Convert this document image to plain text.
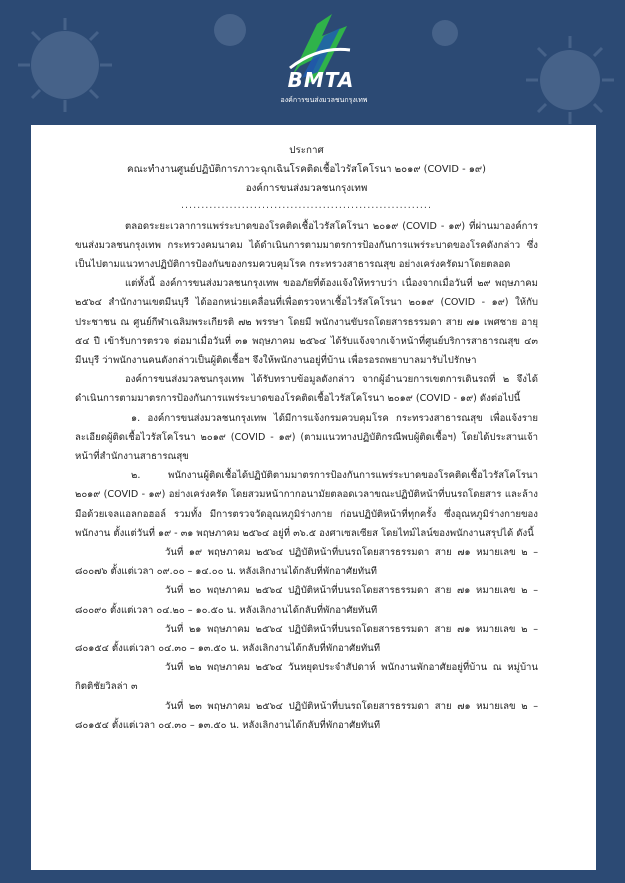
BMTA
องค์การขนส่งมวลชนกรุงเทพ
ประกาศ
คณะทำงานศูนย์ปฏิบัติการภาวะฉุกเฉินโรคติดเชื้อไวรัสโคโรนา ๒๐๑๙ (COVID - ๑๙)
องค์การขนส่งมวลชนกรุงเทพ
..............................................................

ตลอดระยะเวลาการแพร่ระบาดของโรคติดเชื้อไวรัสโคโรนา ๒๐๑๙ (COVID - ๑๙) ที่ผ่านมาองค์การขนส่งมวลชนกรุงเทพ กระทรวงคมนาคม ได้ดำเนินการตามมาตรการป้องกันการแพร่ระบาดของโรคดังกล่าว ซึ่งเป็นไปตามแนวทางปฏิบัติการป้องกันของกรมควบคุมโรค กระทรวงสาธารณสุข อย่างเคร่งครัดมาโดยตลอด

แต่ทั้งนี้ องค์การขนส่งมวลชนกรุงเทพ ขออภัยที่ต้องแจ้งให้ทราบว่า เนื่องจากเมื่อวันที่ ๒๙ พฤษภาคม ๒๕๖๔ สำนักงานเขตมีนบุรี ได้ออกหน่วยเคลื่อนที่เพื่อตรวจหาเชื้อไวรัสโคโรนา ๒๐๑๙ (COVID - ๑๙) ให้กับประชาชน ณ ศูนย์กีฬาเฉลิมพระเกียรติ ๗๒ พรรษา โดยมี พนักงานขับรถโดยสารธรรมดา สาย ๗๑ เพศชาย อายุ ๕๔ ปี เข้ารับการตรวจ ต่อมาเมื่อวันที่ ๓๑ พฤษภาคม ๒๕๖๔ ได้รับแจ้งจากเจ้าหน้าที่ศูนย์บริการสาธารณสุข ๔๓ มีนบุรี ว่าพนักงานคนดังกล่าวเป็นผู้ติดเชื้อฯ จึงให้พนักงานอยู่ที่บ้าน เพื่อรอรถพยาบาลมารับไปรักษา

องค์การขนส่งมวลชนกรุงเทพ ได้รับทราบข้อมูลดังกล่าว จากผู้อำนวยการเขตการเดินรถที่ ๒ จึงได้ดำเนินการตามมาตรการป้องกันการแพร่ระบาดของโรคติดเชื้อไวรัสโคโรนา ๒๐๑๙ (COVID - ๑๙) ดังต่อไปนี้

๑. องค์การขนส่งมวลชนกรุงเทพ ได้มีการแจ้งกรมควบคุมโรค กระทรวงสาธารณสุข เพื่อแจ้งรายละเอียดผู้ติดเชื้อไวรัสโคโรนา ๒๐๑๙ (COVID - ๑๙) (ตามแนวทางปฏิบัติกรณีพบผู้ติดเชื้อฯ) โดยได้ประสานเจ้าหน้าที่สำนักงานสาธารณสุข

๒. พนักงานผู้ติดเชื้อได้ปฏิบัติตามมาตรการป้องกันการแพร่ระบาดของโรคติดเชื้อไวรัสโคโรนา ๒๐๑๙ (COVID - ๑๙) อย่างเคร่งครัด โดยสวมหน้ากากอนามัยตลอดเวลาขณะปฏิบัติหน้าที่บนรถโดยสาร และล้างมือด้วยเจลแอลกอฮอล์ รวมทั้ง มีการตรวจวัดอุณหภูมิร่างกาย ก่อนปฏิบัติหน้าที่ทุกครั้ง ซึ่งอุณหภูมิร่างกายของพนักงาน ตั้งแต่วันที่ ๑๙ - ๓๑ พฤษภาคม ๒๕๖๔ อยู่ที่ ๓๖.๕ องศาเซลเซียส โดยไทม์ไลน์ของพนักงานสรุปได้ ดังนี้

วันที่ ๑๙ พฤษภาคม ๒๕๖๔ ปฏิบัติหน้าที่บนรถโดยสารธรรมดา สาย ๗๑ หมายเลข ๒ – ๘๐๐๗๖ ตั้งแต่เวลา ๐๙.๐๐ – ๑๔.๐๐ น. หลังเลิกงานได้กลับที่พักอาศัยทันที

วันที่ ๒๐ พฤษภาคม ๒๕๖๔ ปฏิบัติหน้าที่บนรถโดยสารธรรมดา สาย ๗๑ หมายเลข ๒ – ๘๐๐๙๐ ตั้งแต่เวลา ๐๔.๒๐ – ๑๐.๕๐ น. หลังเลิกงานได้กลับที่พักอาศัยทันที

วันที่ ๒๑ พฤษภาคม ๒๕๖๔ ปฏิบัติหน้าที่บนรถโดยสารธรรมดา สาย ๗๑ หมายเลข ๒ – ๘๐๑๕๔ ตั้งแต่เวลา ๐๔.๓๐ – ๑๓.๕๐ น. หลังเลิกงานได้กลับที่พักอาศัยทันที

วันที่ ๒๒ พฤษภาคม ๒๕๖๔ วันหยุดประจำสัปดาห์ พนักงานพักอาศัยอยู่ที่บ้าน ณ หมู่บ้านกิตติชัยวิลล่า ๓

วันที่ ๒๓ พฤษภาคม ๒๕๖๔ ปฏิบัติหน้าที่บนรถโดยสารธรรมดา สาย ๗๑ หมายเลข ๒ – ๘๐๑๕๔ ตั้งแต่เวลา ๐๔.๓๐ – ๑๓.๕๐ น. หลังเลิกงานได้กลับที่พักอาศัยทันที
